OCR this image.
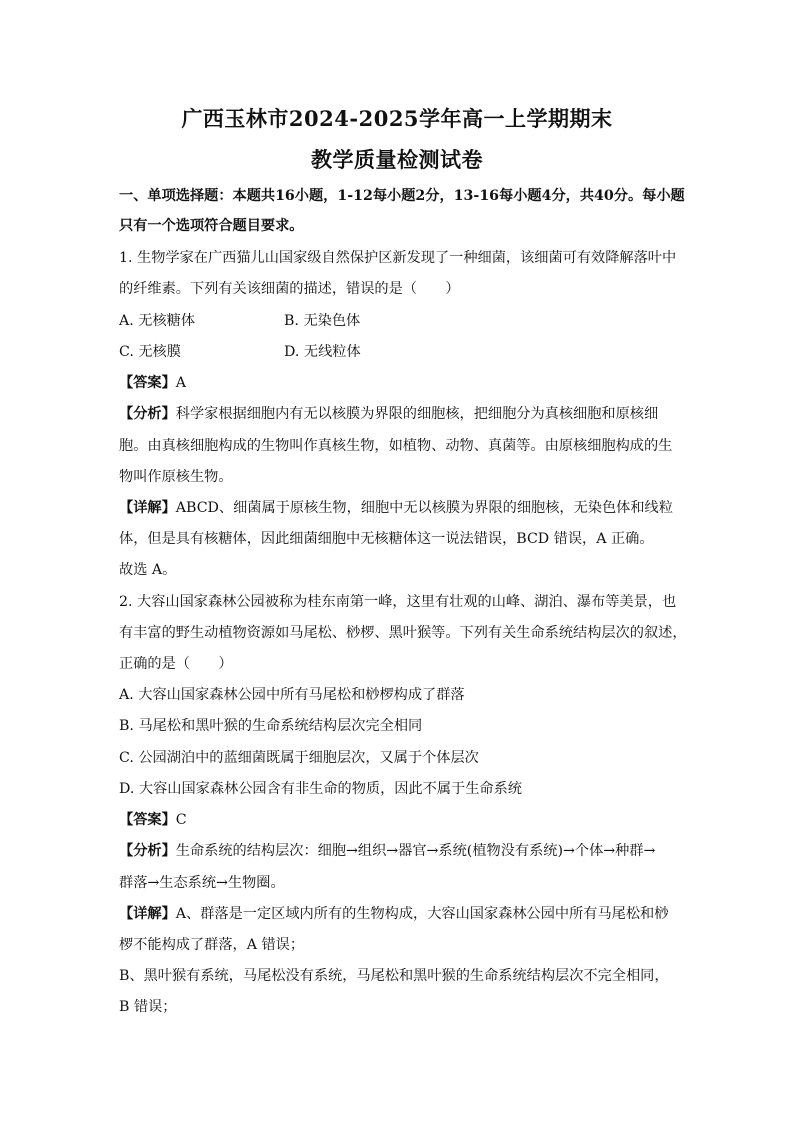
广西玉林市2024-2025学年高一上学期期末
教学质量检测试卷
一、单项选择题：本题共16小题，1-12每小题2分，13-16每小题4分，共40分。每小题
只有一个选项符合题目要求。
1. 生物学家在广西猫儿山国家级自然保护区新发现了一种细菌，该细菌可有效降解落叶中
的纤维素。下列有关该细菌的描述，错误的是（　　）
A. 无核糖体	B. 无染色体
C. 无核膜	D. 无线粒体
【答案】A
【分析】科学家根据细胞内有无以核膜为界限的细胞核，把细胞分为真核细胞和原核细
胞。由真核细胞构成的生物叫作真核生物，如植物、动物、真菌等。由原核细胞构成的生
物叫作原核生物。
【详解】ABCD、细菌属于原核生物，细胞中无以核膜为界限的细胞核，无染色体和线粒
体，但是具有核糖体，因此细菌细胞中无核糖体这一说法错误，BCD 错误，A 正确。
故选 A。
2. 大容山国家森林公园被称为桂东南第一峰，这里有壮观的山峰、湖泊、瀑布等美景，也
有丰富的野生动植物资源如马尾松、桫椤、黑叶猴等。下列有关生命系统结构层次的叙述，
正确的是（　　）
A. 大容山国家森林公园中所有马尾松和桫椤构成了群落
B. 马尾松和黑叶猴的生命系统结构层次完全相同
C. 公园湖泊中的蓝细菌既属于细胞层次，又属于个体层次
D. 大容山国家森林公园含有非生命的物质，因此不属于生命系统
【答案】C
【分析】生命系统的结构层次：细胞→组织→器官→系统(植物没有系统)→个体→种群→
群落→生态系统→生物圈。
【详解】A、群落是一定区域内所有的生物构成，大容山国家森林公园中所有马尾松和桫
椤不能构成了群落，A 错误；
B、黑叶猴有系统，马尾松没有系统，马尾松和黑叶猴的生命系统结构层次不完全相同，
B 错误；
